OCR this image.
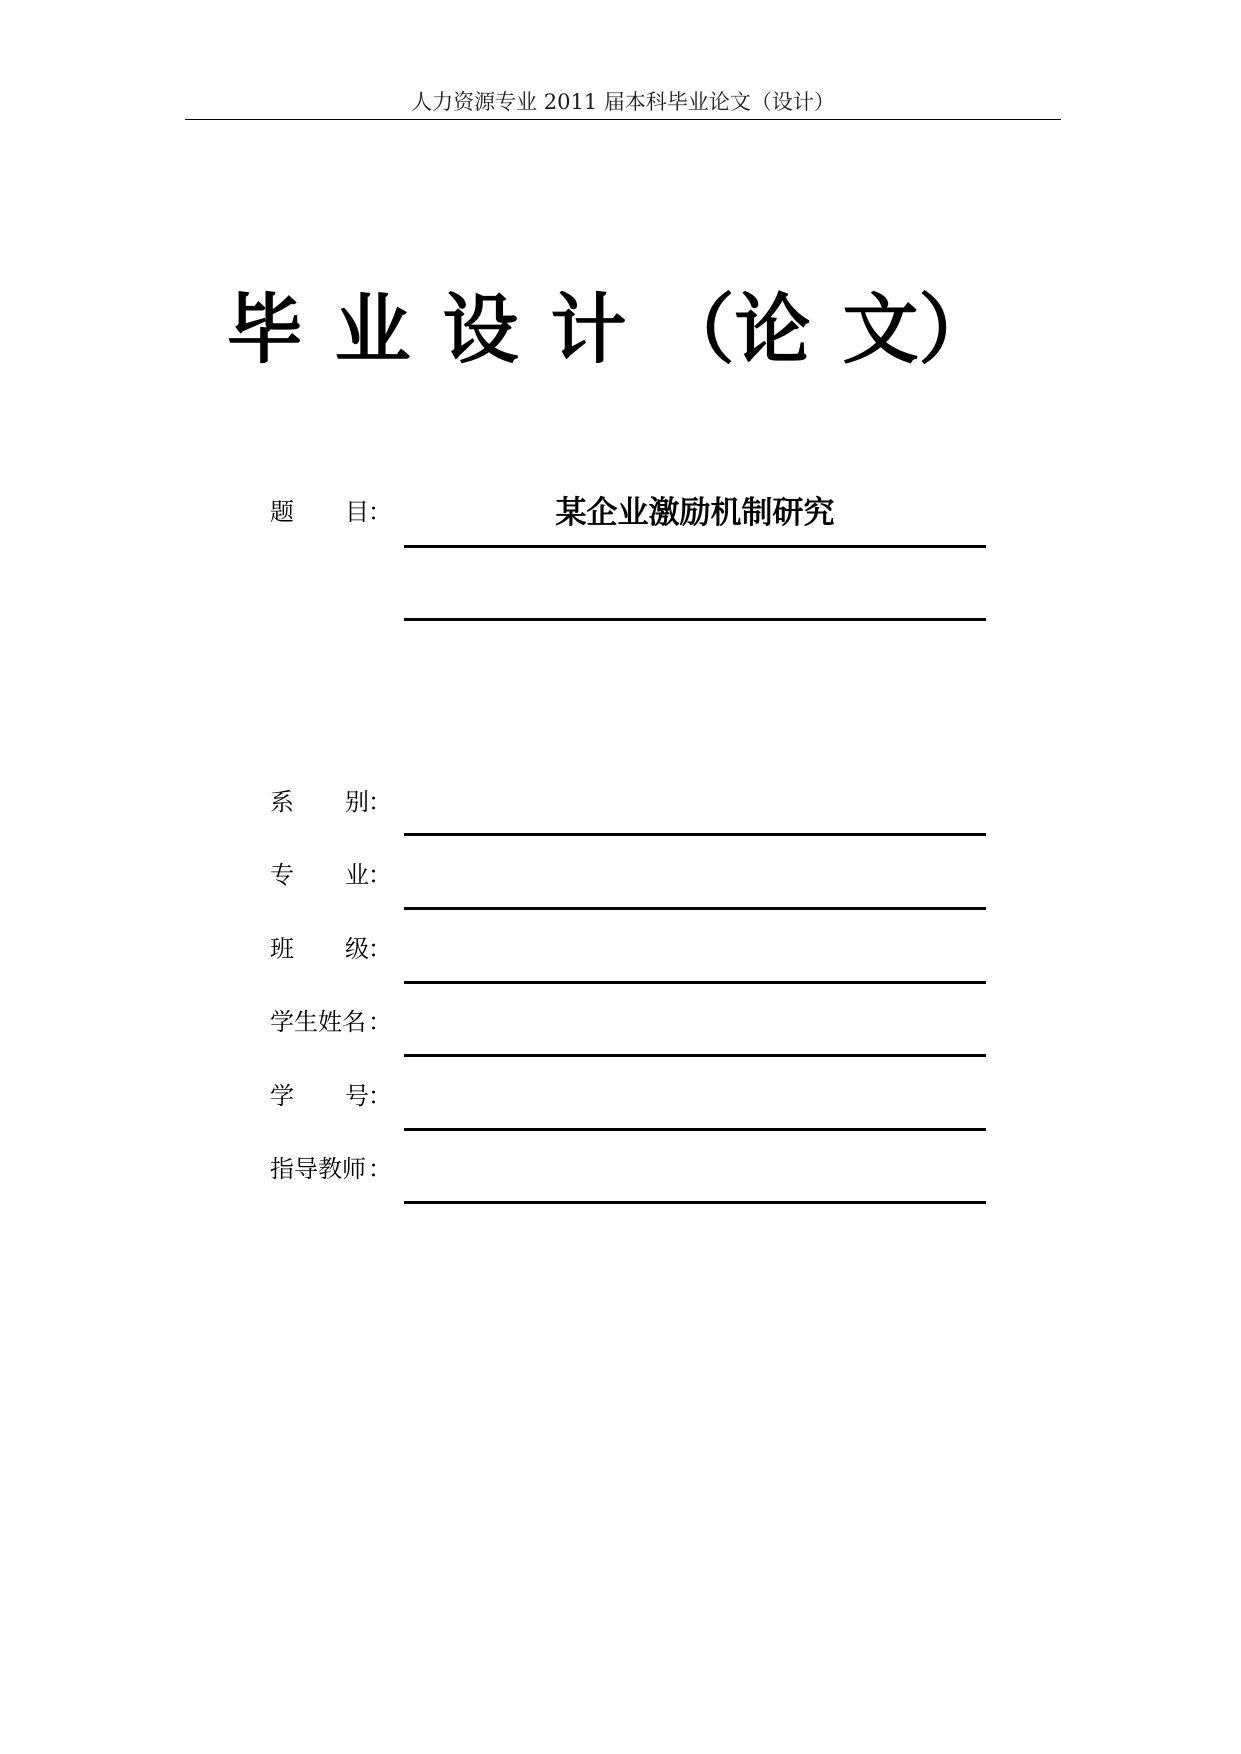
人力资源专业 2011 届本科毕业论文（设计）
毕 业 设 计 （论 文）
题 目 ：	某企业激励机制研究
系 别 ：
专 业 ：
班 级 ：
学生姓名 ：
学 号 ：
指导教师 ：
